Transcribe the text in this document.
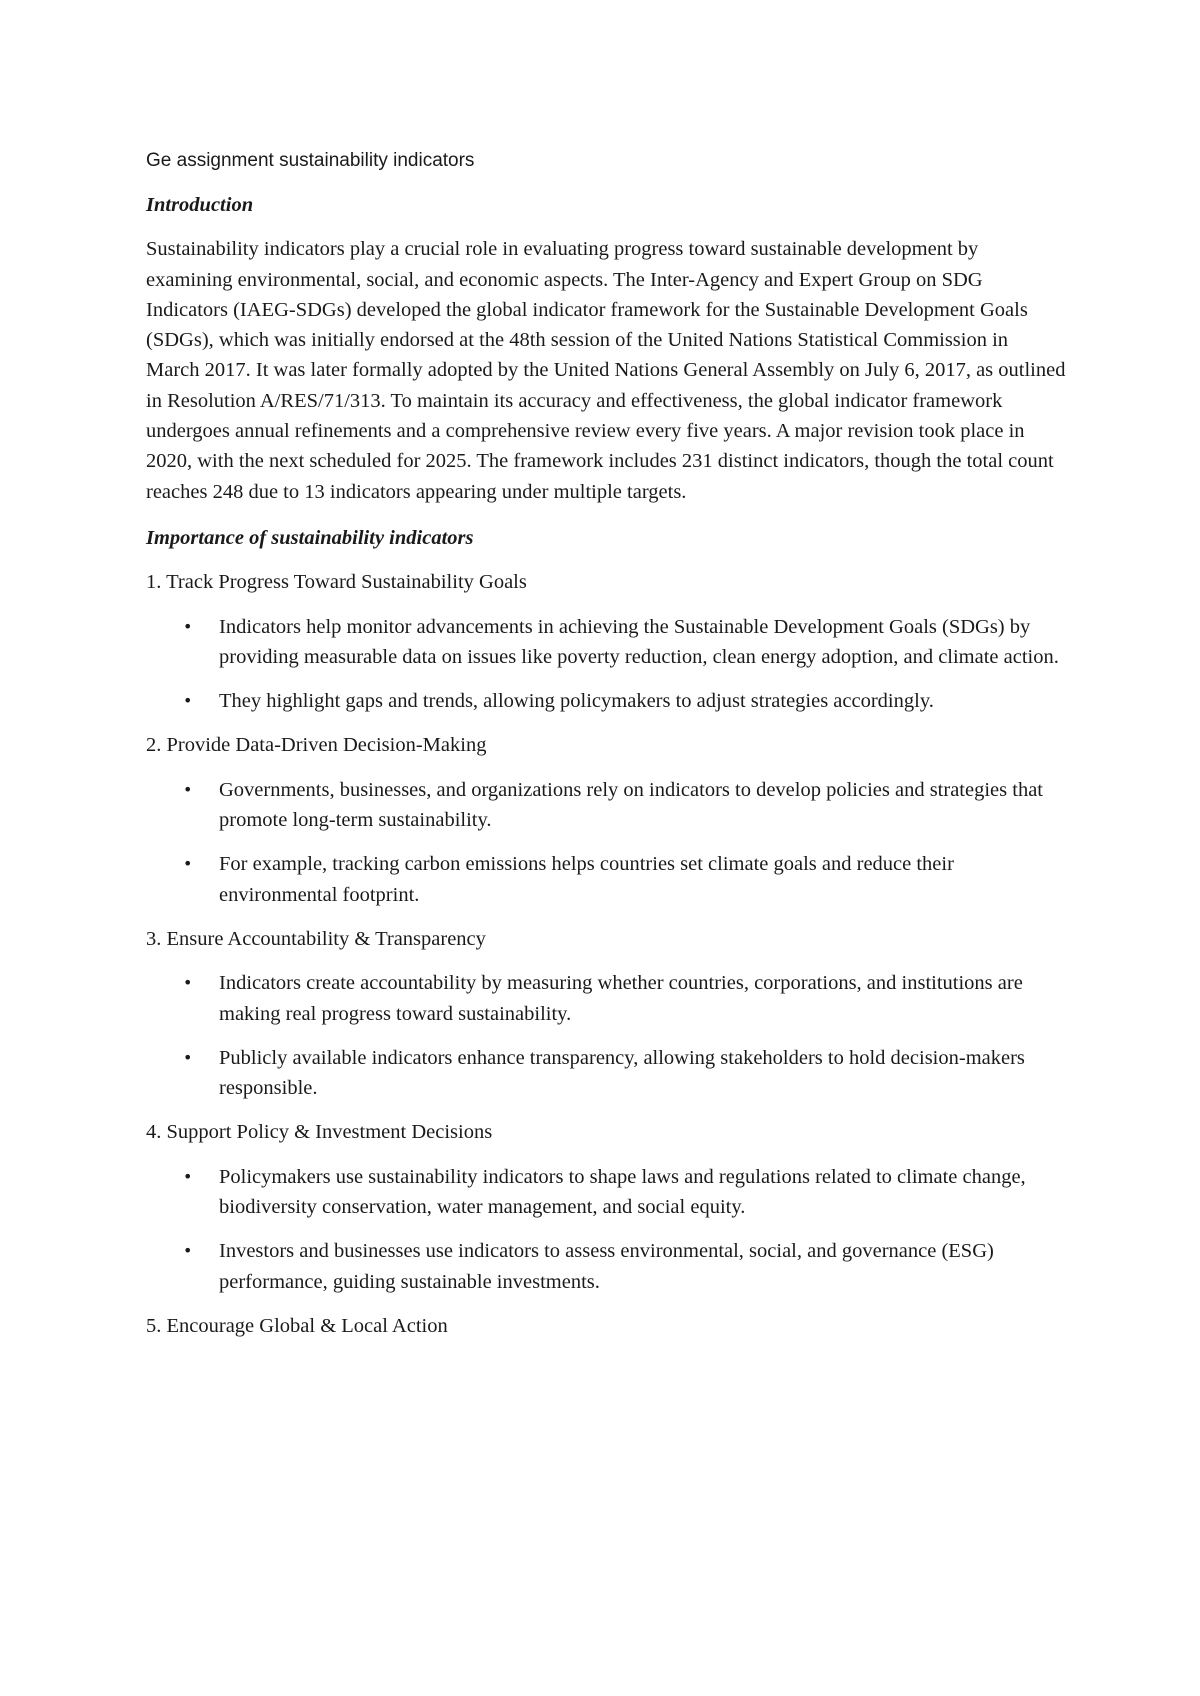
Ge assignment sustainability indicators

Introduction

Sustainability indicators play a crucial role in evaluating progress toward sustainable development by examining environmental, social, and economic aspects. The Inter-Agency and Expert Group on SDG Indicators (IAEG-SDGs) developed the global indicator framework for the Sustainable Development Goals (SDGs), which was initially endorsed at the 48th session of the United Nations Statistical Commission in March 2017. It was later formally adopted by the United Nations General Assembly on July 6, 2017, as outlined in Resolution A/RES/71/313. To maintain its accuracy and effectiveness, the global indicator framework undergoes annual refinements and a comprehensive review every five years. A major revision took place in 2020, with the next scheduled for 2025. The framework includes 231 distinct indicators, though the total count reaches 248 due to 13 indicators appearing under multiple targets.

Importance of sustainability indicators

1. Track Progress Toward Sustainability Goals

• Indicators help monitor advancements in achieving the Sustainable Development Goals (SDGs) by providing measurable data on issues like poverty reduction, clean energy adoption, and climate action.
• They highlight gaps and trends, allowing policymakers to adjust strategies accordingly.

2. Provide Data-Driven Decision-Making

• Governments, businesses, and organizations rely on indicators to develop policies and strategies that promote long-term sustainability.
• For example, tracking carbon emissions helps countries set climate goals and reduce their environmental footprint.

3. Ensure Accountability & Transparency

• Indicators create accountability by measuring whether countries, corporations, and institutions are making real progress toward sustainability.
• Publicly available indicators enhance transparency, allowing stakeholders to hold decision-makers responsible.

4. Support Policy & Investment Decisions

• Policymakers use sustainability indicators to shape laws and regulations related to climate change, biodiversity conservation, water management, and social equity.
• Investors and businesses use indicators to assess environmental, social, and governance (ESG) performance, guiding sustainable investments.

5. Encourage Global & Local Action
